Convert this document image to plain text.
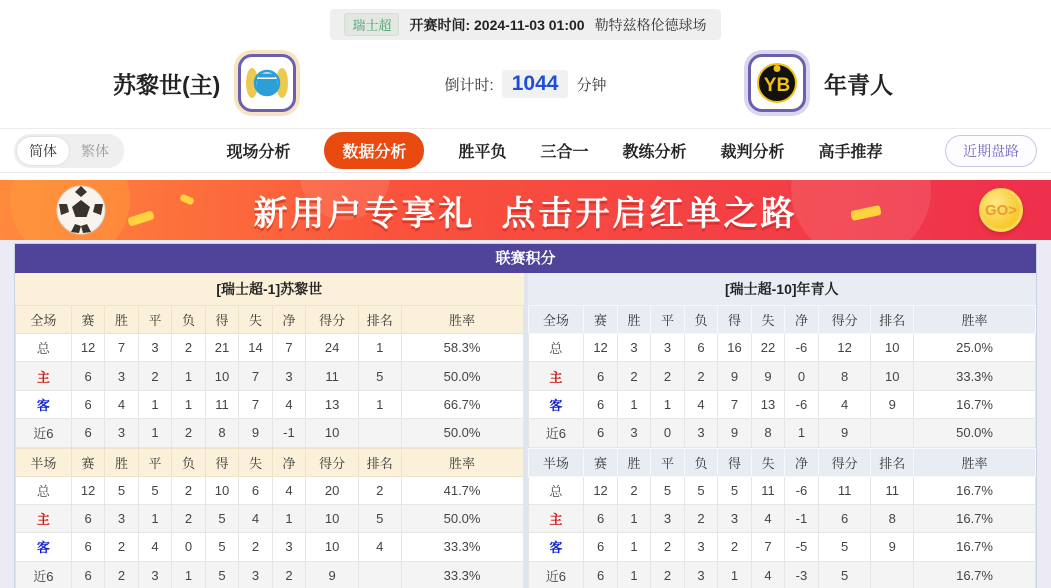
瑞士超	开赛时间: 2024-11-03 01:00 勒特兹格伦德球场
苏黎世(主)	倒计时: 1044	分钟	YB 年青人
简体	繁体	现场分析	数据分析	胜平负 三合一 教练分析 裁判分析 高手推荐	近期盘路
新用户专享礼 点击开启红单之路	GO>
联赛积分
[瑞士超-1]苏黎世
全场	赛	胜	平	负	得	失	净	得分	排名	胜率
总	12	7	3	2	21	14	7	24	1	58.3%
主	6	3	2	1	10	7	3	11	5	50.0%
客	6	4	1	1	11	7	4	13	1	66.7%
近6	6	3	1	2	8	9	-1	10		50.0%
半场	赛	胜	平	负	得	失	净	得分	排名	胜率
总	12	5	5	2	10	6	4	20	2	41.7%
主	6	3	1	2	5	4	1	10	5	50.0%
客	6	2	4	0	5	2	3	10	4	33.3%
近6	6	2	3	1	5	3	2	9		33.3%
[瑞士超-10]年青人
全场	赛	胜	平	负	得	失	净	得分	排名	胜率
总	12	3	3	6	16	22	-6	12	10	25.0%
主	6	2	2	2	9	9	0	8	10	33.3%
客	6	1	1	4	7	13	-6	4	9	16.7%
近6	6	3	0	3	9	8	1	9		50.0%
半场	赛	胜	平	负	得	失	净	得分	排名	胜率
总	12	2	5	5	5	11	-6	11	11	16.7%
主	6	1	3	2	3	4	-1	6	8	16.7%
客	6	1	2	3	2	7	-5	5	9	16.7%
近6	6	1	2	3	1	4	-3	5		16.7%
